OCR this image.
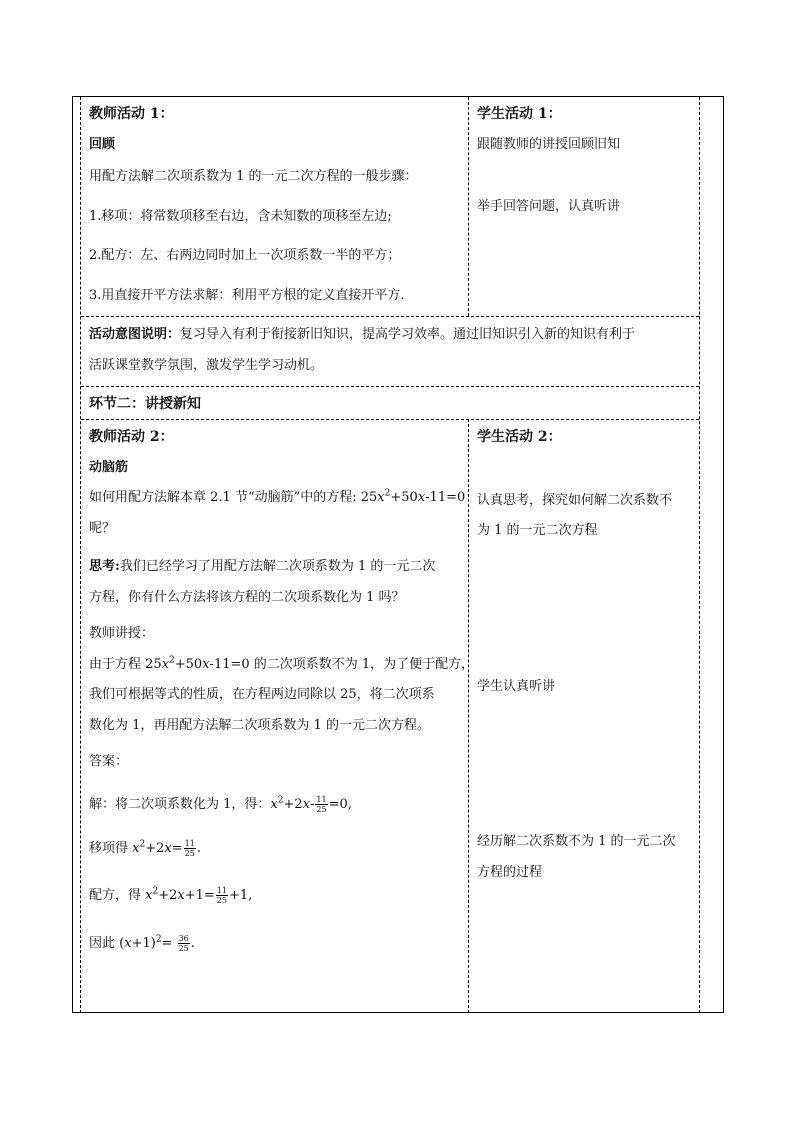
教师活动 1：
回顾
用配方法解二次项系数为 1 的一元二次方程的一般步骤：
1.移项：将常数项移至右边，含未知数的项移至左边;
2.配方：左、右两边同时加上一次项系数一半的平方；
3.用直接开平方法求解：利用平方根的定义直接开平方.
学生活动 1：
跟随教师的讲授回顾旧知
举手回答问题，认真听讲
活动意图说明：复习导入有利于衔接新旧知识，提高学习效率。通过旧知识引入新的知识有利于
活跃课堂教学氛围，激发学生学习动机。
环节二：讲授新知
教师活动 2：
动脑筋
如何用配方法解本章 2.1 节“动脑筋”中的方程: $25x^2+50x-11=0$
呢？
思考:我们已经学习了用配方法解二次项系数为 1 的一元二次
方程，你有什么方法将该方程的二次项系数化为 1 吗？
教师讲授：
由于方程 $25x^2+50x-11=0$ 的二次项系数不为 1，为了便于配方，
我们可根据等式的性质，在方程两边同除以 25，将二次项系
数化为 1，再用配方法解二次项系数为 1 的一元二次方程。
答案：
解：将二次项系数化为 1，得：$x^2+2x- \frac{11}{25} =0$,
移项得 $x^2+2x= \frac{11}{25}$ .
配方，得 $x^2+2x+1= \frac{11}{25} +1$,
因此 $(x+1)^2= \frac{36}{25}$ .
学生活动 2：
认真思考，探究如何解二次系数不
为 1 的一元二次方程
学生认真听讲
经历解二次系数不为 1 的一元二次
方程的过程
